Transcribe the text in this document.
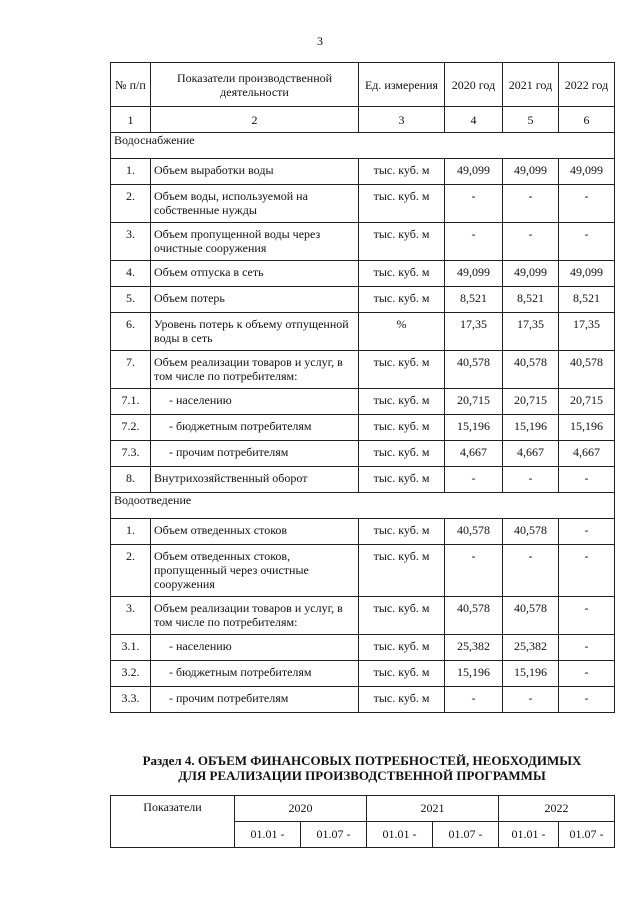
3
№ п/п	Показатели производственной деятельности	Ед. измерения	2020 год	2021 год	2022 год
1	2	3	4	5	6
Водоснабжение					
1.	Объем выработки воды	тыс. куб. м	49,099	49,099	49,099
2.	Объем воды, используемой на собственные нужды	тыс. куб. м	-	-	-
3.	Объем пропущенной воды через очистные сооружения	тыс. куб. м	-	-	-
4.	Объем отпуска в сеть	тыс. куб. м	49,099	49,099	49,099
5.	Объем потерь	тыс. куб. м	8,521	8,521	8,521
6.	Уровень потерь к объему отпущенной воды в сеть	%	17,35	17,35	17,35
7.	Объем реализации товаров и услуг, в том числе по потребителям:	тыс. куб. м	40,578	40,578	40,578
7.1.	- населению	тыс. куб. м	20,715	20,715	20,715
7.2.	- бюджетным потребителям	тыс. куб. м	15,196	15,196	15,196
7.3.	- прочим потребителям	тыс. куб. м	4,667	4,667	4,667
8.	Внутрихозяйственный оборот	тыс. куб. м	-	-	-
Водоотведение					
1.	Объем отведенных стоков	тыс. куб. м	40,578	40,578	-
2.	Объем отведенных стоков, пропущенный через очистные сооружения	тыс. куб. м	-	-	-
3.	Объем реализации товаров и услуг, в том числе по потребителям:	тыс. куб. м	40,578	40,578	-
3.1.	- населению	тыс. куб. м	25,382	25,382	-
3.2.	- бюджетным потребителям	тыс. куб. м	15,196	15,196	-
3.3.	- прочим потребителям	тыс. куб. м	-	-	-
Раздел 4. ОБЪЕМ ФИНАНСОВЫХ ПОТРЕБНОСТЕЙ, НЕОБХОДИМЫХ
ДЛЯ РЕАЛИЗАЦИИ ПРОИЗВОДСТВЕННОЙ ПРОГРАММЫ
Показатели	2020		2021		2022	
	01.01 -	01.07 -	01.01 -	01.07 -	01.01 -	01.07 -
